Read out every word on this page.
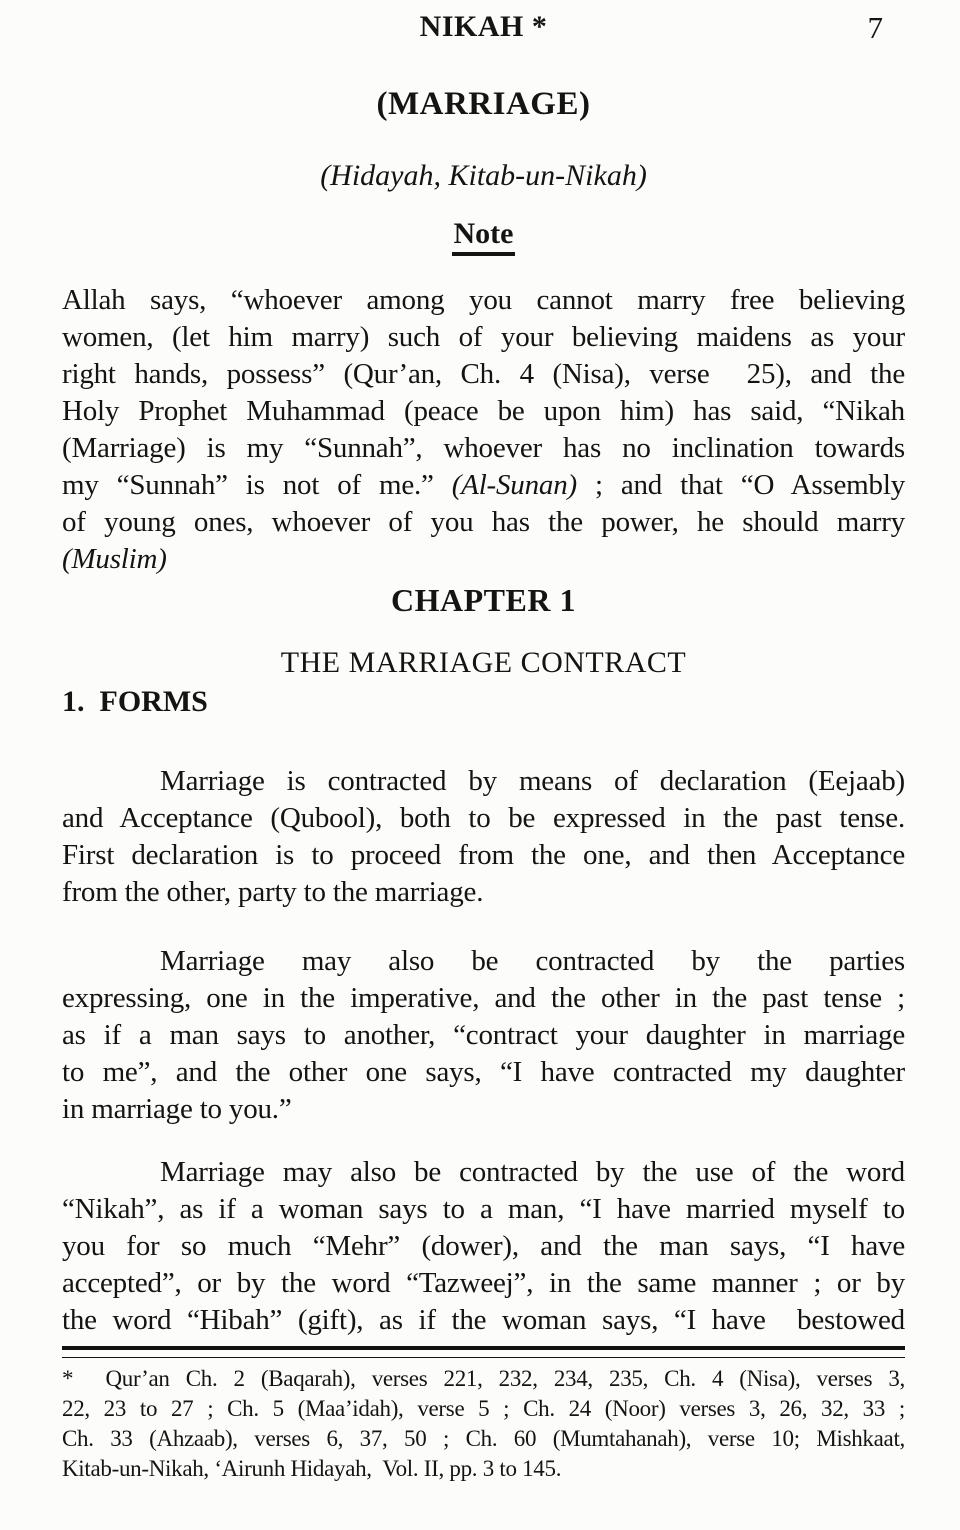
NIKAH *	7
(MARRIAGE)
(Hidayah, Kitab-un-Nikah)
Note
Allah says, “whoever among you cannot marry free believing
women, (let him marry) such of your believing maidens as your
right hands, possess” (Qur’an, Ch. 4 (Nisa), verse  25), and the
Holy Prophet Muhammad (peace be upon him) has said, “Nikah
(Marriage) is my “Sunnah”, whoever has no inclination towards
my “Sunnah” is not of me.” (Al-Sunan) ; and that “O Assembly
of young ones, whoever of you has the power, he should marry
(Muslim)
CHAPTER 1
THE MARRIAGE CONTRACT
1.  FORMS
Marriage is contracted by means of declaration (Eejaab)
and Acceptance (Qubool), both to be expressed in the past tense.
First declaration is to proceed from the one, and then Acceptance
from the other, party to the marriage.
Marriage may also be contracted by the parties
expressing, one in the imperative, and the other in the past tense ;
as if a man says to another, “contract your daughter in marriage
to me”, and the other one says, “I have contracted my daughter
in marriage to you.”
Marriage may also be contracted by the use of the word
“Nikah”, as if a woman says to a man, “I have married myself to
you for so much “Mehr” (dower), and the man says, “I have
accepted”, or by the word “Tazweej”, in the same manner ; or by
the word “Hibah” (gift), as if the woman says, “I have  bestowed
*  Qur’an Ch. 2 (Baqarah), verses 221, 232, 234, 235, Ch. 4 (Nisa), verses 3,
22, 23 to 27 ; Ch. 5 (Maa’idah), verse 5 ; Ch. 24 (Noor) verses 3, 26, 32, 33 ;
Ch. 33 (Ahzaab), verses 6, 37, 50 ; Ch. 60 (Mumtahanah), verse 10; Mishkaat,
Kitab-un-Nikah, ‘Airunh Hidayah,  Vol. II, pp. 3 to 145.
